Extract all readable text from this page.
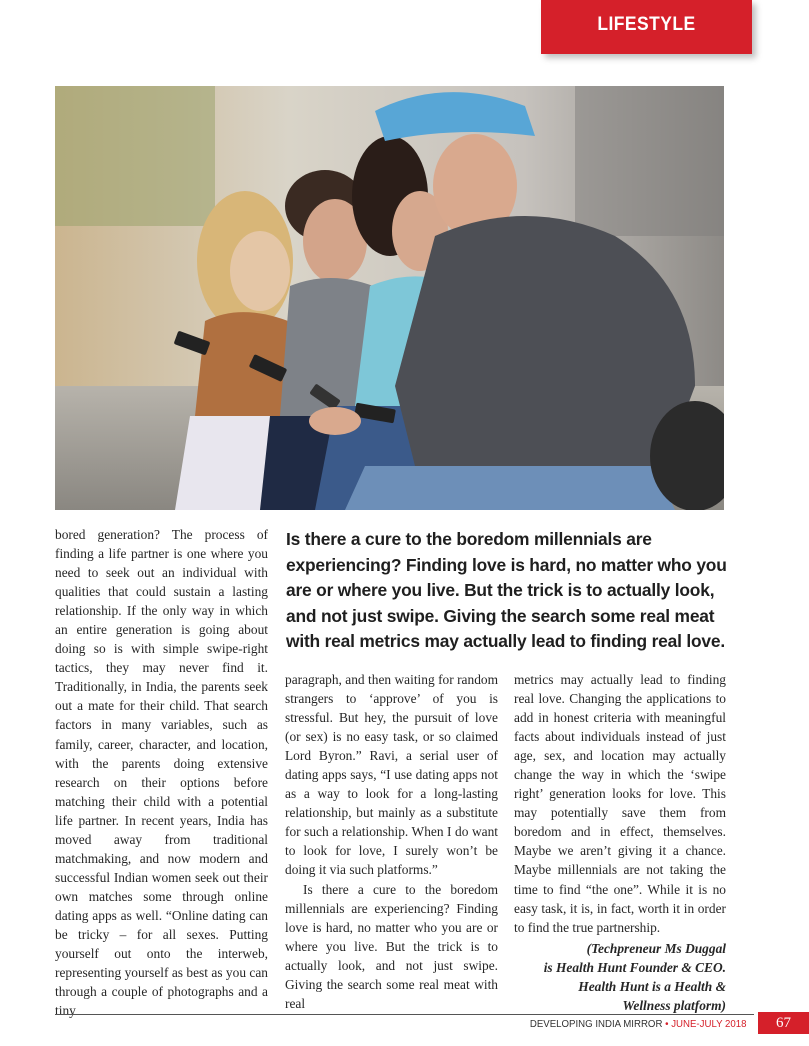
LIFESTYLE
Is there a cure to the boredom millennials are experiencing? Finding love is hard, no matter who you are or where you live. But the trick is to actually look, and not just swipe. Giving the search some real meat with real metrics may actually lead to finding real love.

bored generation? The process of finding a life partner is one where you need to seek out an individual with qualities that could sustain a lasting relationship. If the only way in which an entire generation is going about doing so is with simple swipe-right tactics, they may never find it. Traditionally, in India, the parents seek out a mate for their child. That search factors in many variables, such as family, career, character, and location, with the parents doing extensive research on their options before matching their child with a potential life partner. In recent years, India has moved away from traditional matchmaking, and now modern and successful Indian women seek out their own matches some through online dating apps as well. “Online dating can be tricky – for all sexes. Putting yourself out onto the interweb, representing yourself as best as you can through a couple of photographs and a tiny

paragraph, and then waiting for random strangers to ‘approve’ of you is stressful. But hey, the pursuit of love (or sex) is no easy task, or so claimed Lord Byron.” Ravi, a serial user of dating apps says, “I use dating apps not as a way to look for a long-lasting relationship, but mainly as a substitute for such a relationship. When I do want to look for love, I surely won’t be doing it via such platforms.”

Is there a cure to the boredom millennials are experiencing? Finding love is hard, no matter who you are or where you live. But the trick is to actually look, and not just swipe. Giving the search some real meat with real

metrics may actually lead to finding real love. Changing the applications to add in honest criteria with meaningful facts about individuals instead of just age, sex, and location may actually change the way in which the ‘swipe right’ generation looks for love. This may potentially save them from boredom and in effect, themselves. Maybe we aren’t giving it a chance. Maybe millennials are not taking the time to find “the one”. While it is no easy task, it is, in fact, worth it in order to find the true partnership.

(Techpreneur Ms Duggal
is Health Hunt Founder & CEO.
Health Hunt is a Health &
Wellness platform)
DEVELOPING INDIA MIRROR • JUNE-JULY 2018	67
